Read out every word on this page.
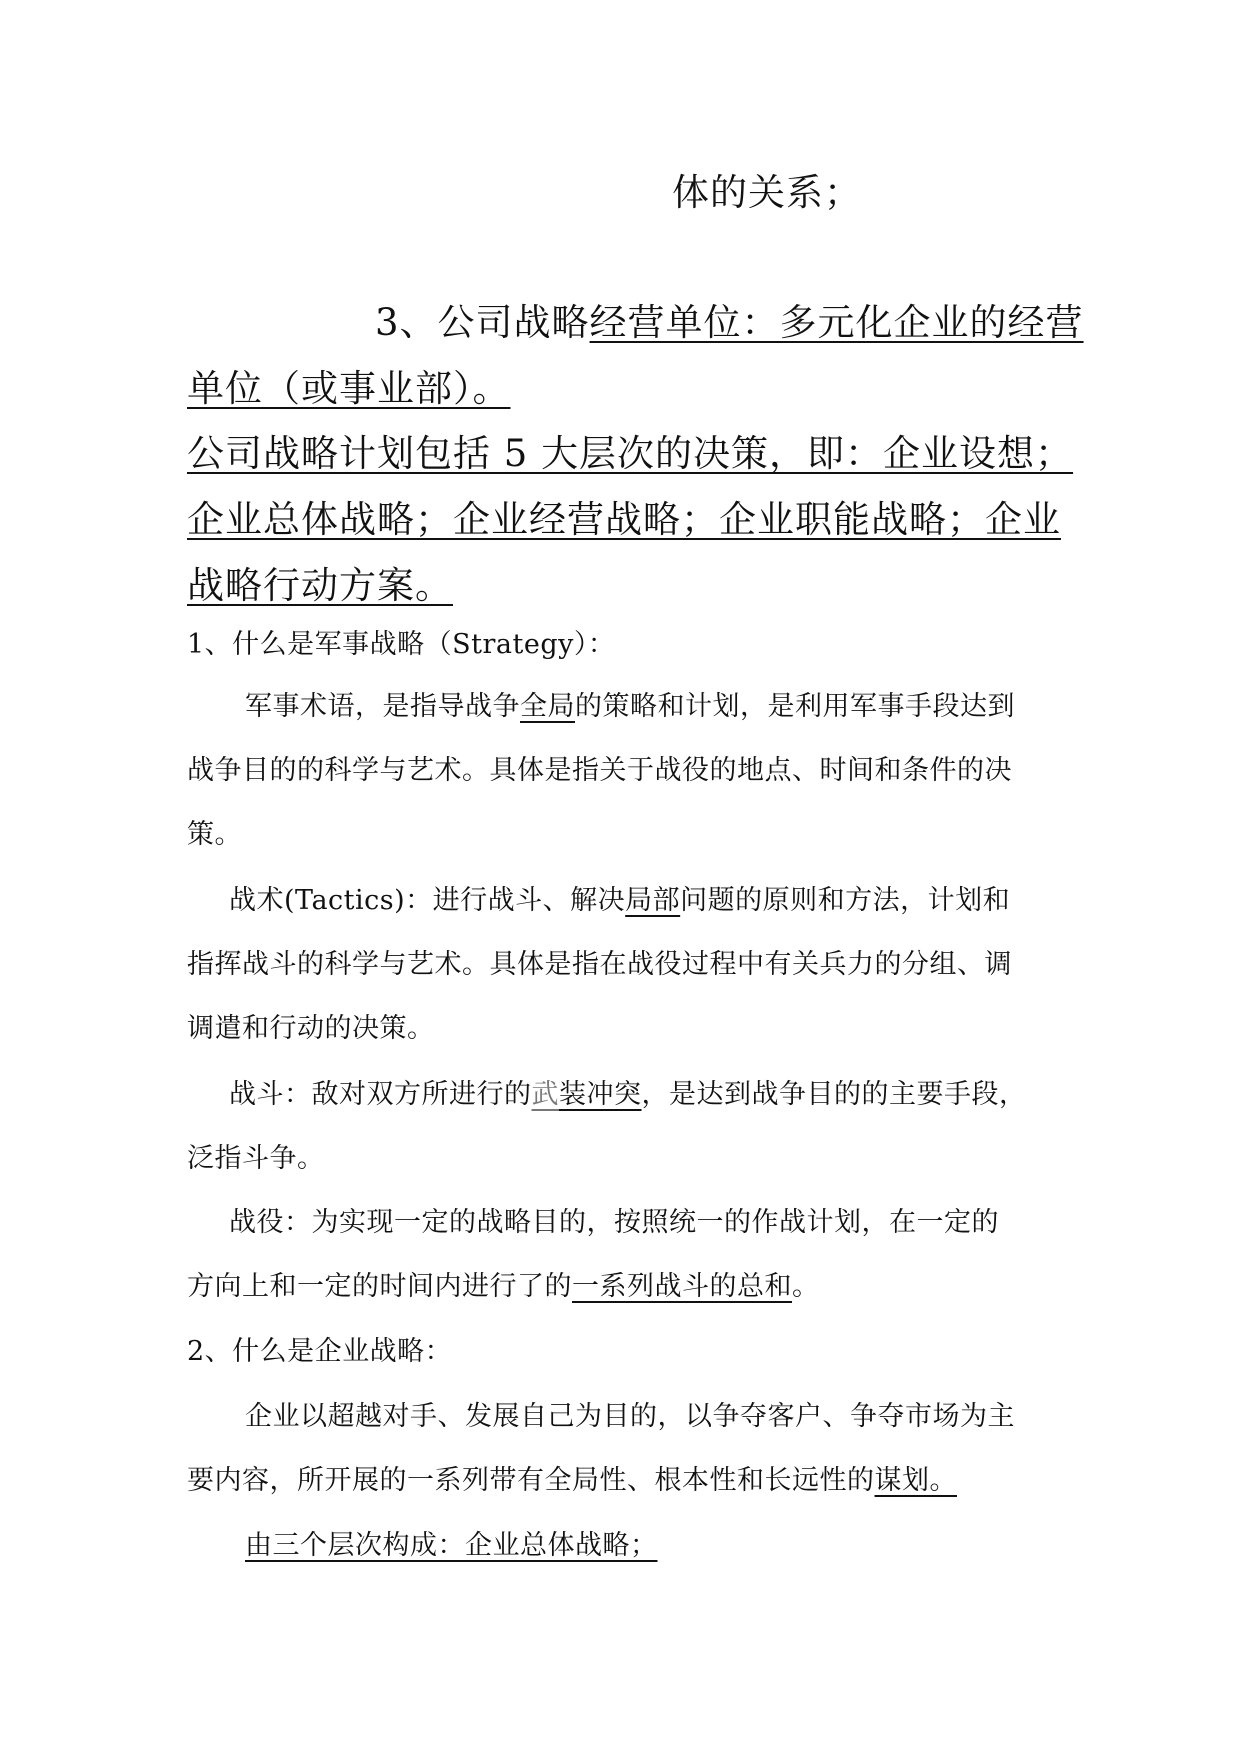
体的关系；
3、公司战略经营单位：多元化企业的经营
单位（或事业部）。
公司战略计划包括 5 大层次的决策，即：企业设想；
企业总体战略；企业经营战略；企业职能战略；企业
战略行动方案。
1、什么是军事战略（Strategy）：
军事术语，是指导战争全局的策略和计划，是利用军事手段达到
战争目的的科学与艺术。具体是指关于战役的地点、时间和条件的决
策。
战术(Tactics)：进行战斗、解决局部问题的原则和方法，计划和
指挥战斗的科学与艺术。具体是指在战役过程中有关兵力的分组、调
调遣和行动的决策。
战斗：敌对双方所进行的武装冲突，是达到战争目的的主要手段，
泛指斗争。
战役：为实现一定的战略目的，按照统一的作战计划，在一定的
方向上和一定的时间内进行了的一系列战斗的总和。
2、什么是企业战略：
企业以超越对手、发展自己为目的，以争夺客户、争夺市场为主
要内容，所开展的一系列带有全局性、根本性和长远性的谋划。
由三个层次构成：企业总体战略；
